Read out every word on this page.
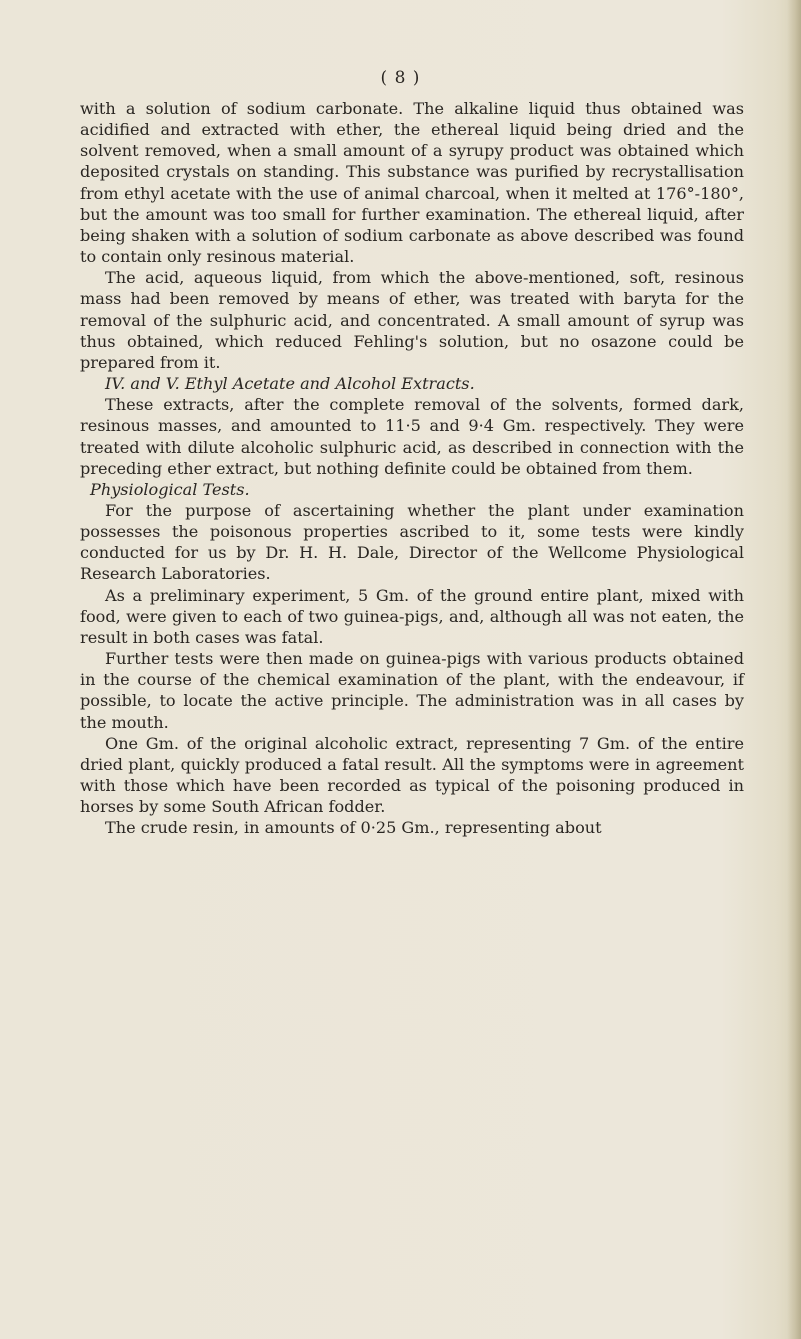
( 8 )

with a solution of sodium carbonate. The alkaline liquid thus obtained was acidified and extracted with ether, the ethereal liquid being dried and the solvent removed, when a small amount of a syrupy product was obtained which deposited crystals on standing. This substance was purified by recrystallisation from ethyl acetate with the use of animal charcoal, when it melted at 176°-180°, but the amount was too small for further examination. The ethereal liquid, after being shaken with a solution of sodium carbonate as above described was found to contain only resinous material.

The acid, aqueous liquid, from which the above-mentioned, soft, resinous mass had been removed by means of ether, was treated with baryta for the removal of the sulphuric acid, and concentrated. A small amount of syrup was thus obtained, which reduced Fehling's solution, but no osazone could be prepared from it.

IV. and V. Ethyl Acetate and Alcohol Extracts.

These extracts, after the complete removal of the solvents, formed dark, resinous masses, and amounted to 11·5 and 9·4 Gm. respectively. They were treated with dilute alcoholic sulphuric acid, as described in connection with the preceding ether extract, but nothing definite could be obtained from them.

Physiological Tests.

For the purpose of ascertaining whether the plant under examination possesses the poisonous properties ascribed to it, some tests were kindly conducted for us by Dr. H. H. Dale, Director of the Wellcome Physiological Research Laboratories.

As a preliminary experiment, 5 Gm. of the ground entire plant, mixed with food, were given to each of two guinea-pigs, and, although all was not eaten, the result in both cases was fatal.

Further tests were then made on guinea-pigs with various products obtained in the course of the chemical examination of the plant, with the endeavour, if possible, to locate the active principle. The administration was in all cases by the mouth.

One Gm. of the original alcoholic extract, representing 7 Gm. of the entire dried plant, quickly produced a fatal result. All the symptoms were in agreement with those which have been recorded as typical of the poisoning produced in horses by some South African fodder.

The crude resin, in amounts of 0·25 Gm., representing about
